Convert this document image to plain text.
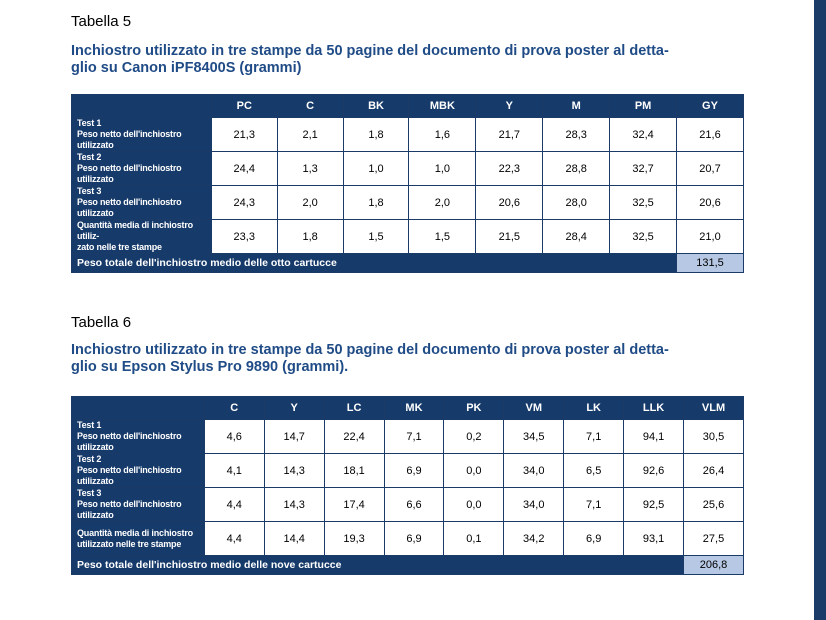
Tabella 5

Inchiostro utilizzato in tre stampe da 50 pagine del documento di prova poster al detta-

glio su Canon iPF8400S (grammi)

	PC	C	BK	MBK	Y	M	PM	GY

Test 1
Peso netto dell'inchiostro utilizzato	21,3	2,1	1,8	1,6	21,7	28,3	32,4	21,6

Test 2
Peso netto dell'inchiostro utilizzato	24,4	1,3	1,0	1,0	22,3	28,8	32,7	20,7

Test 3
Peso netto dell'inchiostro utilizzato	24,3	2,0	1,8	2,0	20,6	28,0	32,5	20,6

Quantità media di inchiostro utiliz-
zato nelle tre stampe	23,3	1,8	1,5	1,5	21,5	28,4	32,5	21,0
Peso totale dell'inchiostro medio delle otto cartucce								131,5

Tabella 6

Inchiostro utilizzato in tre stampe da 50 pagine del documento di prova poster al detta-

glio su Epson Stylus Pro 9890 (grammi).

	C	Y	LC	MK	PK	VM	LK	LLK	VLM

Test 1
Peso netto dell'inchiostro utilizzato	4,6	14,7	22,4	7,1	0,2	34,5	7,1	94,1	30,5

Test 2
Peso netto dell'inchiostro utilizzato	4,1	14,3	18,1	6,9	0,0	34,0	6,5	92,6	26,4

Test 3
Peso netto dell'inchiostro utilizzato	4,4	14,3	17,4	6,6	0,0	34,0	7,1	92,5	25,6

Quantità media di inchiostro
utilizzato nelle tre stampe	4,4	14,4	19,3	6,9	0,1	34,2	6,9	93,1	27,5
Peso totale dell'inchiostro medio delle nove cartucce									206,8
